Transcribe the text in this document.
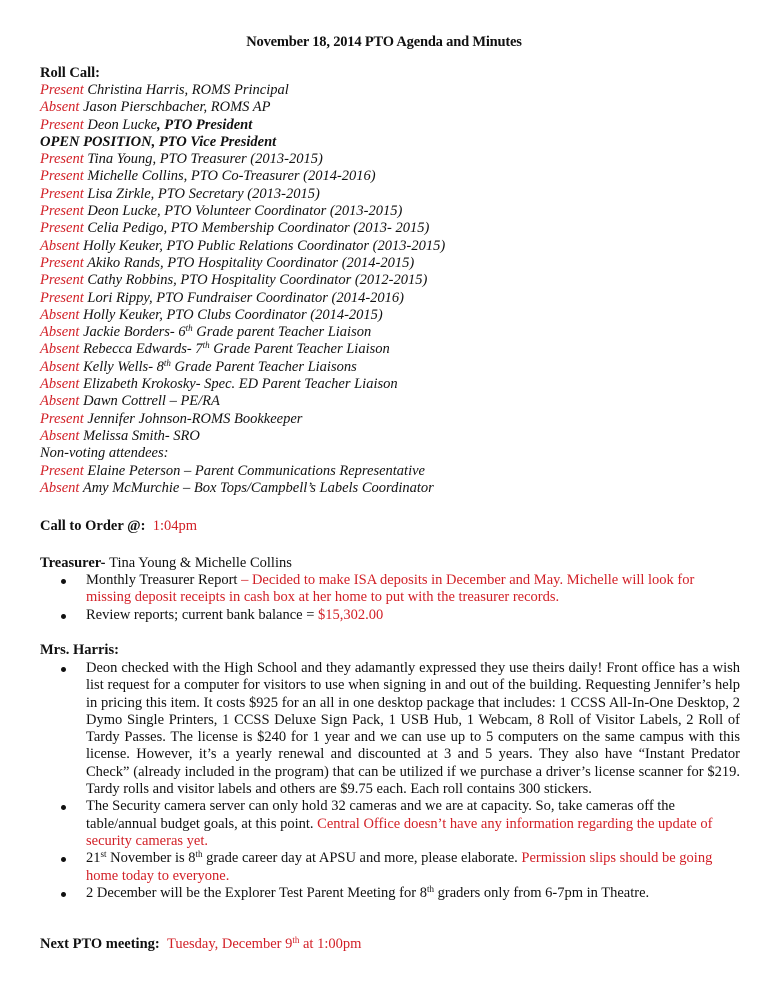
November 18, 2014 PTO Agenda and Minutes
Roll Call:
Present Christina Harris, ROMS Principal
Absent Jason Pierschbacher, ROMS AP
Present Deon Lucke, PTO President
OPEN POSITION, PTO Vice President
Present Tina Young, PTO Treasurer (2013-2015)
Present Michelle Collins, PTO Co-Treasurer (2014-2016)
Present Lisa Zirkle, PTO Secretary (2013-2015)
Present Deon Lucke, PTO Volunteer Coordinator (2013-2015)
Present Celia Pedigo, PTO Membership Coordinator (2013- 2015)
Absent Holly Keuker, PTO Public Relations Coordinator (2013-2015)
Present Akiko Rands, PTO Hospitality Coordinator (2014-2015)
Present Cathy Robbins, PTO Hospitality Coordinator (2012-2015)
Present Lori Rippy, PTO Fundraiser Coordinator (2014-2016)
Absent Holly Keuker, PTO Clubs Coordinator (2014-2015)
Absent Jackie Borders- 6th Grade parent Teacher Liaison
Absent Rebecca Edwards- 7th Grade Parent Teacher Liaison
Absent Kelly Wells- 8th Grade Parent Teacher Liaisons
Absent Elizabeth Krokosky- Spec. ED Parent Teacher Liaison
Absent Dawn Cottrell – PE/RA
Present Jennifer Johnson-ROMS Bookkeeper
Absent Melissa Smith- SRO
Non-voting attendees:
Present Elaine Peterson – Parent Communications Representative
Absent Amy McMurchie – Box Tops/Campbell’s Labels Coordinator
Call to Order @: 1:04pm
Treasurer- Tina Young & Michelle Collins
Monthly Treasurer Report – Decided to make ISA deposits in December and May. Michelle will look for missing deposit receipts in cash box at her home to put with the treasurer records.
Review reports; current bank balance = $15,302.00
Mrs. Harris:
Deon checked with the High School and they adamantly expressed they use theirs daily! Front office has a wish list request for a computer for visitors to use when signing in and out of the building. Requesting Jennifer’s help in pricing this item. It costs $925 for an all in one desktop package that includes: 1 CCSS All-In-One Desktop, 2 Dymo Single Printers, 1 CCSS Deluxe Sign Pack, 1 USB Hub, 1 Webcam, 8 Roll of Visitor Labels, 2 Roll of Tardy Passes. The license is $240 for 1 year and we can use up to 5 computers on the same campus with this license. However, it’s a yearly renewal and discounted at 3 and 5 years. They also have “Instant Predator Check” (already included in the program) that can be utilized if we purchase a driver’s license scanner for $219. Tardy rolls and visitor labels and others are $9.75 each. Each roll contains 300 stickers.
The Security camera server can only hold 32 cameras and we are at capacity. So, take cameras off the table/annual budget goals, at this point. Central Office doesn’t have any information regarding the update of security cameras yet.
21st November is 8th grade career day at APSU and more, please elaborate. Permission slips should be going home today to everyone.
2 December will be the Explorer Test Parent Meeting for 8th graders only from 6-7pm in Theatre.
Next PTO meeting: Tuesday, December 9th at 1:00pm
